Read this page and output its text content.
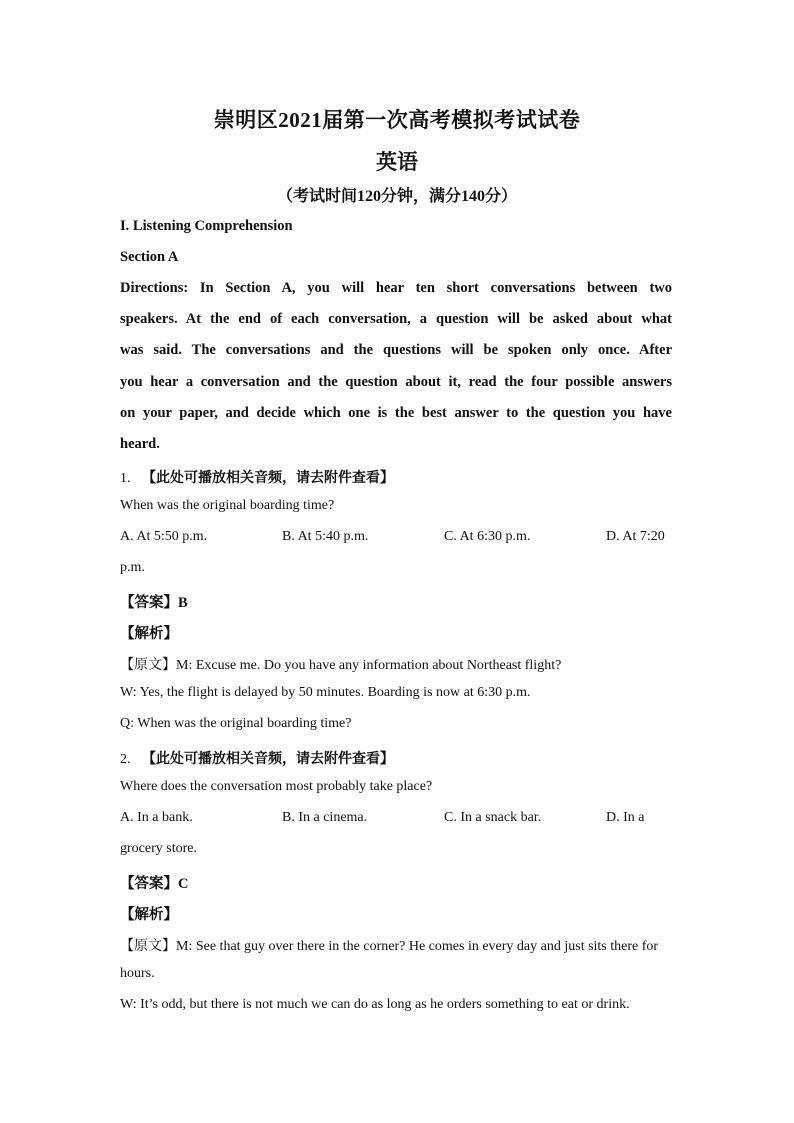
崇明区2021届第一次高考模拟考试试卷
英语
（考试时间120分钟，满分140分）
I. Listening Comprehension
Section A
Directions: In Section A, you will hear ten short conversations between two
speakers. At the end of each conversation, a question will be asked about what
was said. The conversations and the questions will be spoken only once. After
you hear a conversation and the question about it, read the four possible answers
on your paper, and decide which one is the best answer to the question you have
heard.
1. 【此处可播放相关音频，请去附件查看】
When was the original boarding time?
A. At 5:50 p.m.	B. At 5:40 p.m.	C. At 6:30 p.m.	D. At 7:20
p.m.
【答案】B
【解析】
【原文】M: Excuse me. Do you have any information about Northeast flight?
W: Yes, the flight is delayed by 50 minutes. Boarding is now at 6:30 p.m.
Q: When was the original boarding time?
2. 【此处可播放相关音频，请去附件查看】
Where does the conversation most probably take place?
A. In a bank.	B. In a cinema.	C. In a snack bar.	D. In a
grocery store.
【答案】C
【解析】
【原文】M: See that guy over there in the corner? He comes in every day and just sits there for
hours.
W: It’s odd, but there is not much we can do as long as he orders something to eat or drink.
